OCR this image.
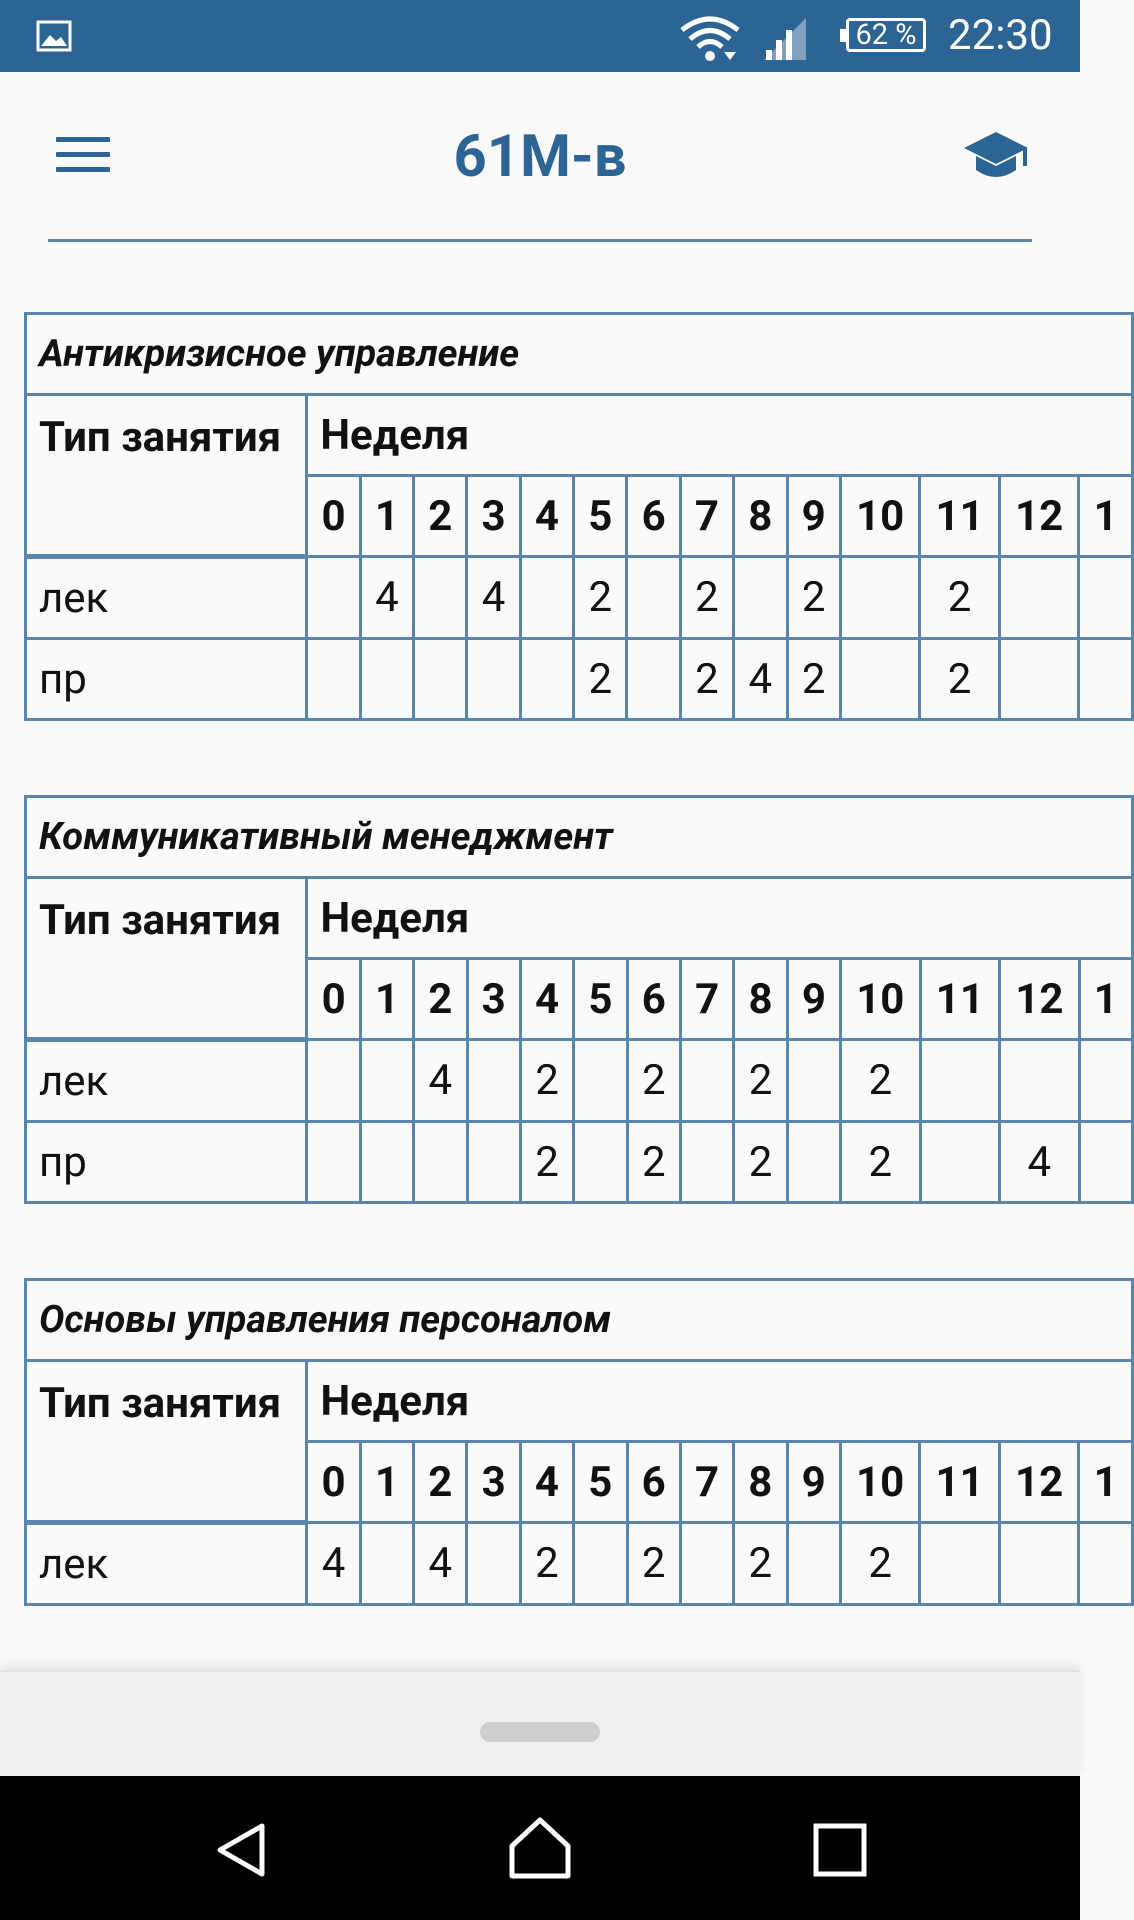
62 % 22:30
61М-в
Антикризисное управление														
Тип занятия	Неделя													
	0	1	2	3	4	5	6	7	8	9	10	11	12	1
лек		4		4		2		2		2		2		
пр						2		2	4	2		2		
Коммуникативный менеджмент														
Тип занятия	Неделя													
	0	1	2	3	4	5	6	7	8	9	10	11	12	1
лек			4		2		2		2		2			
пр					2		2		2		2		4	
Основы управления персоналом														
Тип занятия	Неделя													
	0	1	2	3	4	5	6	7	8	9	10	11	12	1
лек	4		4		2		2		2		2			
